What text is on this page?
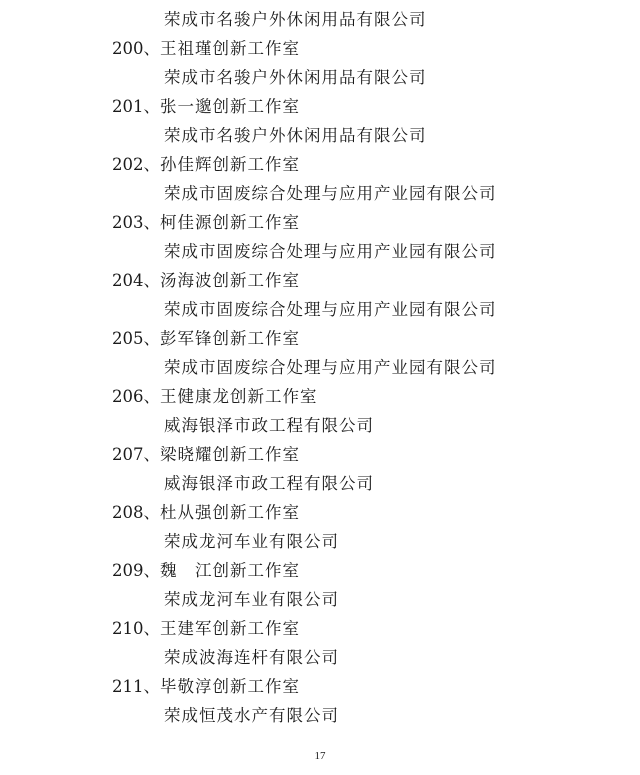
荣成市名骏户外休闲用品有限公司
200、王祖瑾创新工作室
荣成市名骏户外休闲用品有限公司
201、张一邈创新工作室
荣成市名骏户外休闲用品有限公司
202、孙佳辉创新工作室
荣成市固废综合处理与应用产业园有限公司
203、柯佳源创新工作室
荣成市固废综合处理与应用产业园有限公司
204、汤海波创新工作室
荣成市固废综合处理与应用产业园有限公司
205、彭军锋创新工作室
荣成市固废综合处理与应用产业园有限公司
206、王健康龙创新工作室
威海银泽市政工程有限公司
207、梁晓耀创新工作室
威海银泽市政工程有限公司
208、杜从强创新工作室
荣成龙河车业有限公司
209、魏　江创新工作室
荣成龙河车业有限公司
210、王建军创新工作室
荣成波海连杆有限公司
211、毕敬淳创新工作室
荣成恒茂水产有限公司
17
